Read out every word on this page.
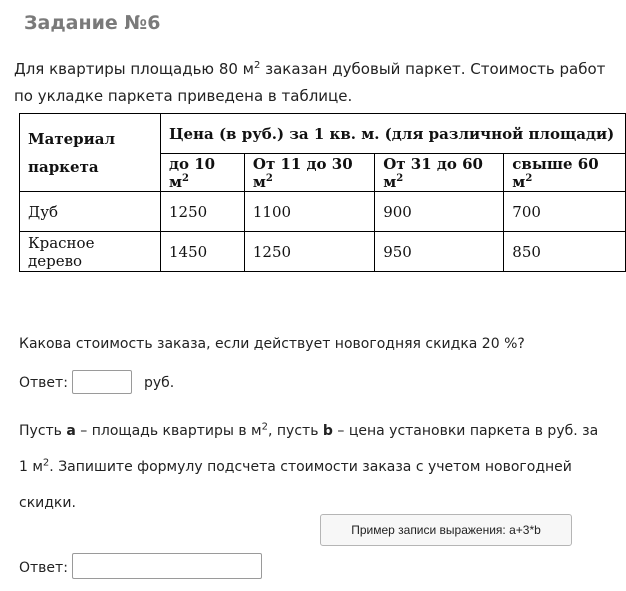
Задание №6
Для квартиры площадью 80 $м^2$ заказан дубовый паркет. Стоимость работ по укладке паркета приведена в таблице.
Материал
паркета	Цена (в руб.) за 1 кв. м. (для различной площади)			
	до 10 $м^2$	От 11 до 30 $м^2$	От 31 до 60 $м^2$	свыше 60 $м^2$
Дуб	1250	1100	900	700
Красное дерево	1450	1250	950	850
Какова стоимость заказа, если действует новогодняя скидка 20 %?
Ответ:	руб.
Пусть a – площадь квартиры в $м^2$, пусть b – цена установки паркета в руб. за 1 $м^2$. Запишите формулу подсчета стоимости заказа с учетом новогодней скидки.
Пример записи выражения: a+3*b
Ответ:
